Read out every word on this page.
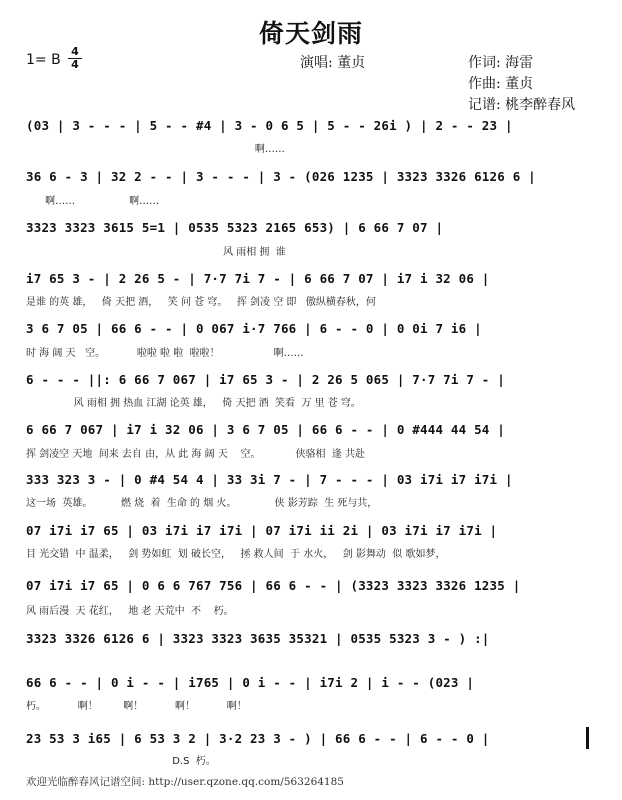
倚天剑雨
1= B
4
4	演唱: 董贞	作词: 海雷
作曲: 董贞
记谱: 桃李醉春风
(03 | 3 - - - | 5 - - #4 | 3 - 0 6 5 | 5 - - 26i ) | 2 - - 23 |
啊……
36 6 - 3 | 32 2 - - | 3 - - - | 3 - (026 1235 | 3323 3326 6126 6 |
啊……                 啊……
3323 3323 3615 5=1 | 0535 5323 2165 653) | 6 66 7 07 |
风 雨相 拥  谁
i7 65 3 - | 2 26 5 - | 7·7 7i 7 - | 6 66 7 07 | i7 i 32 06 |
是谁 的英 雄，   倚 天把 酒，   笑 问 苍 穹。   挥 剑凌 空 即   傲纵横春秋，何
3 6 7 05 | 66 6 - - | 0 067 i·7 766 | 6 - - 0 | 0 0i 7 i6 |
时 海 阔 天   空。          啦啦 啦 啦  啦啦！                 啊……
6 - - - ||: 6 66 7 067 | i7 65 3 - | 2 26 5 065 | 7·7 7i 7 - |
风 雨相 拥 热血 江湖 论英 雄，   倚 天把 酒  笑看  万 里 苍 穹。
6 66 7 067 | i7 i 32 06 | 3 6 7 05 | 66 6 - - | 0 #444 44 54 |
挥 剑凌空 天地  间来 去自 由，从 此 海 阔 天    空。           侠骆相  逢 共赴
333 323 3 - | 0 #4 54 4 | 33 3i 7 - | 7 - - - | 03 i7i i7 i7i |
这一场  英雄。         燃 烧  着  生命 的 烟 火。            侠 影芳踪  生 死与共，
07 i7i i7 65 | 03 i7i i7 i7i | 07 i7i ii 2i | 03 i7i i7 i7i |
目 光交错  中 温柔，   剑 势如虹  划 破长空，   拯 救人间  于 水火，   剑 影舞动  似 歌如梦，
07 i7i i7 65 | 0 6 6 767 756 | 66 6 - - | (3323 3323 3326 1235 |
风 雨后漫  天 花红，   地 老 天荒中  不    朽。
3323 3326 6126 6 | 3323 3323 3635 35321 | 0535 5323 3 - ) :|
66 6 - - | 0 i - - | i765 | 0 i - - | i7i 2 | i - - (023 |
朽。          啊！        啊！          啊！          啊！
23 53 3 i65 | 6 53 3 2 | 3·2 23 3 - ) | 66 6 - - | 6 - - 0 |
D.S  朽。
欢迎光临醉春风记谱空间: http://user.qzone.qq.com/563264185
